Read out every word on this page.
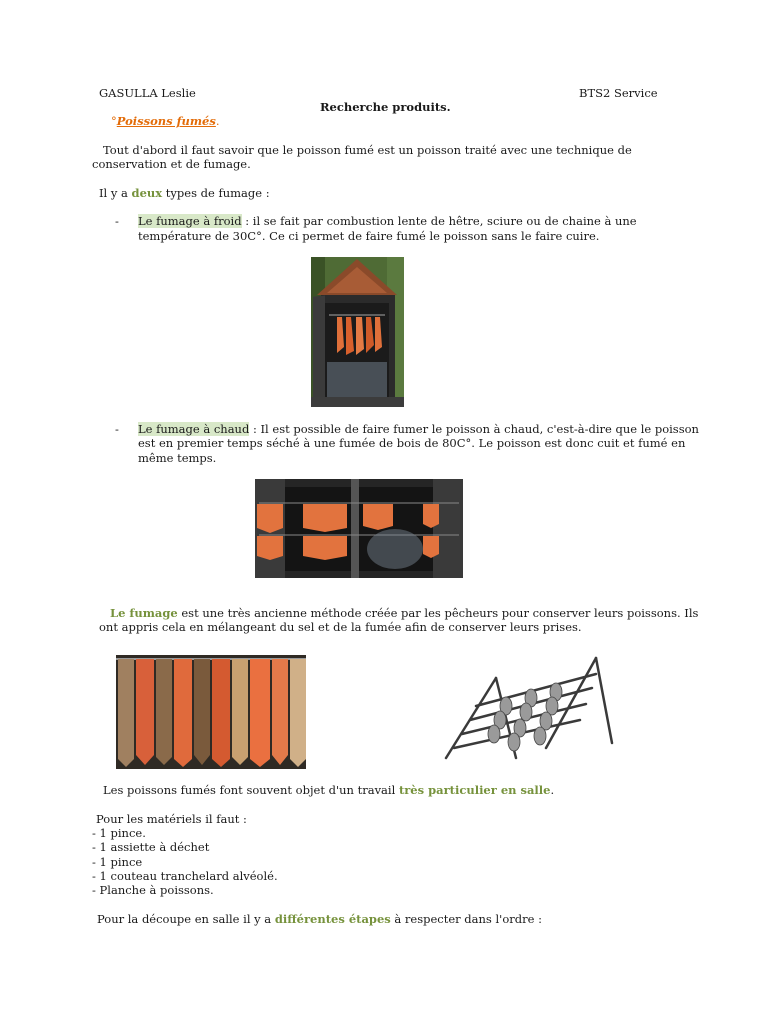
GASULLA Leslie	BTS2 Service
Recherche produits.
°Poissons fumés.
Tout d'abord il faut savoir que le poisson fumé est un poisson traité avec une technique de
conservation et de fumage.
Il y a deux types de fumage :
- Le fumage à froid : il se fait par combustion lente de hêtre, sciure ou de chaine à une
température de 30C°. Ce ci permet de faire fumé le poisson sans le faire cuire.
- Le fumage à chaud : Il est possible de faire fumer le poisson à chaud, c'est-à-dire que le poisson
est en premier temps séché à une fumée de bois de 80C°. Le poisson est donc cuit et fumé en
même temps.
Le fumage est une très ancienne méthode créée par les pêcheurs pour conserver leurs poissons. Ils
ont appris cela en mélangeant du sel et de la fumée afin de conserver leurs prises.
Les poissons fumés font souvent objet d'un travail très particulier en salle.
Pour les matériels il faut :
- 1 pince.
- 1 assiette à déchet
- 1 pince
- 1 couteau tranchelard alvéolé.
- Planche à poissons.
Pour la découpe en salle il y a différentes étapes à respecter dans l'ordre :
